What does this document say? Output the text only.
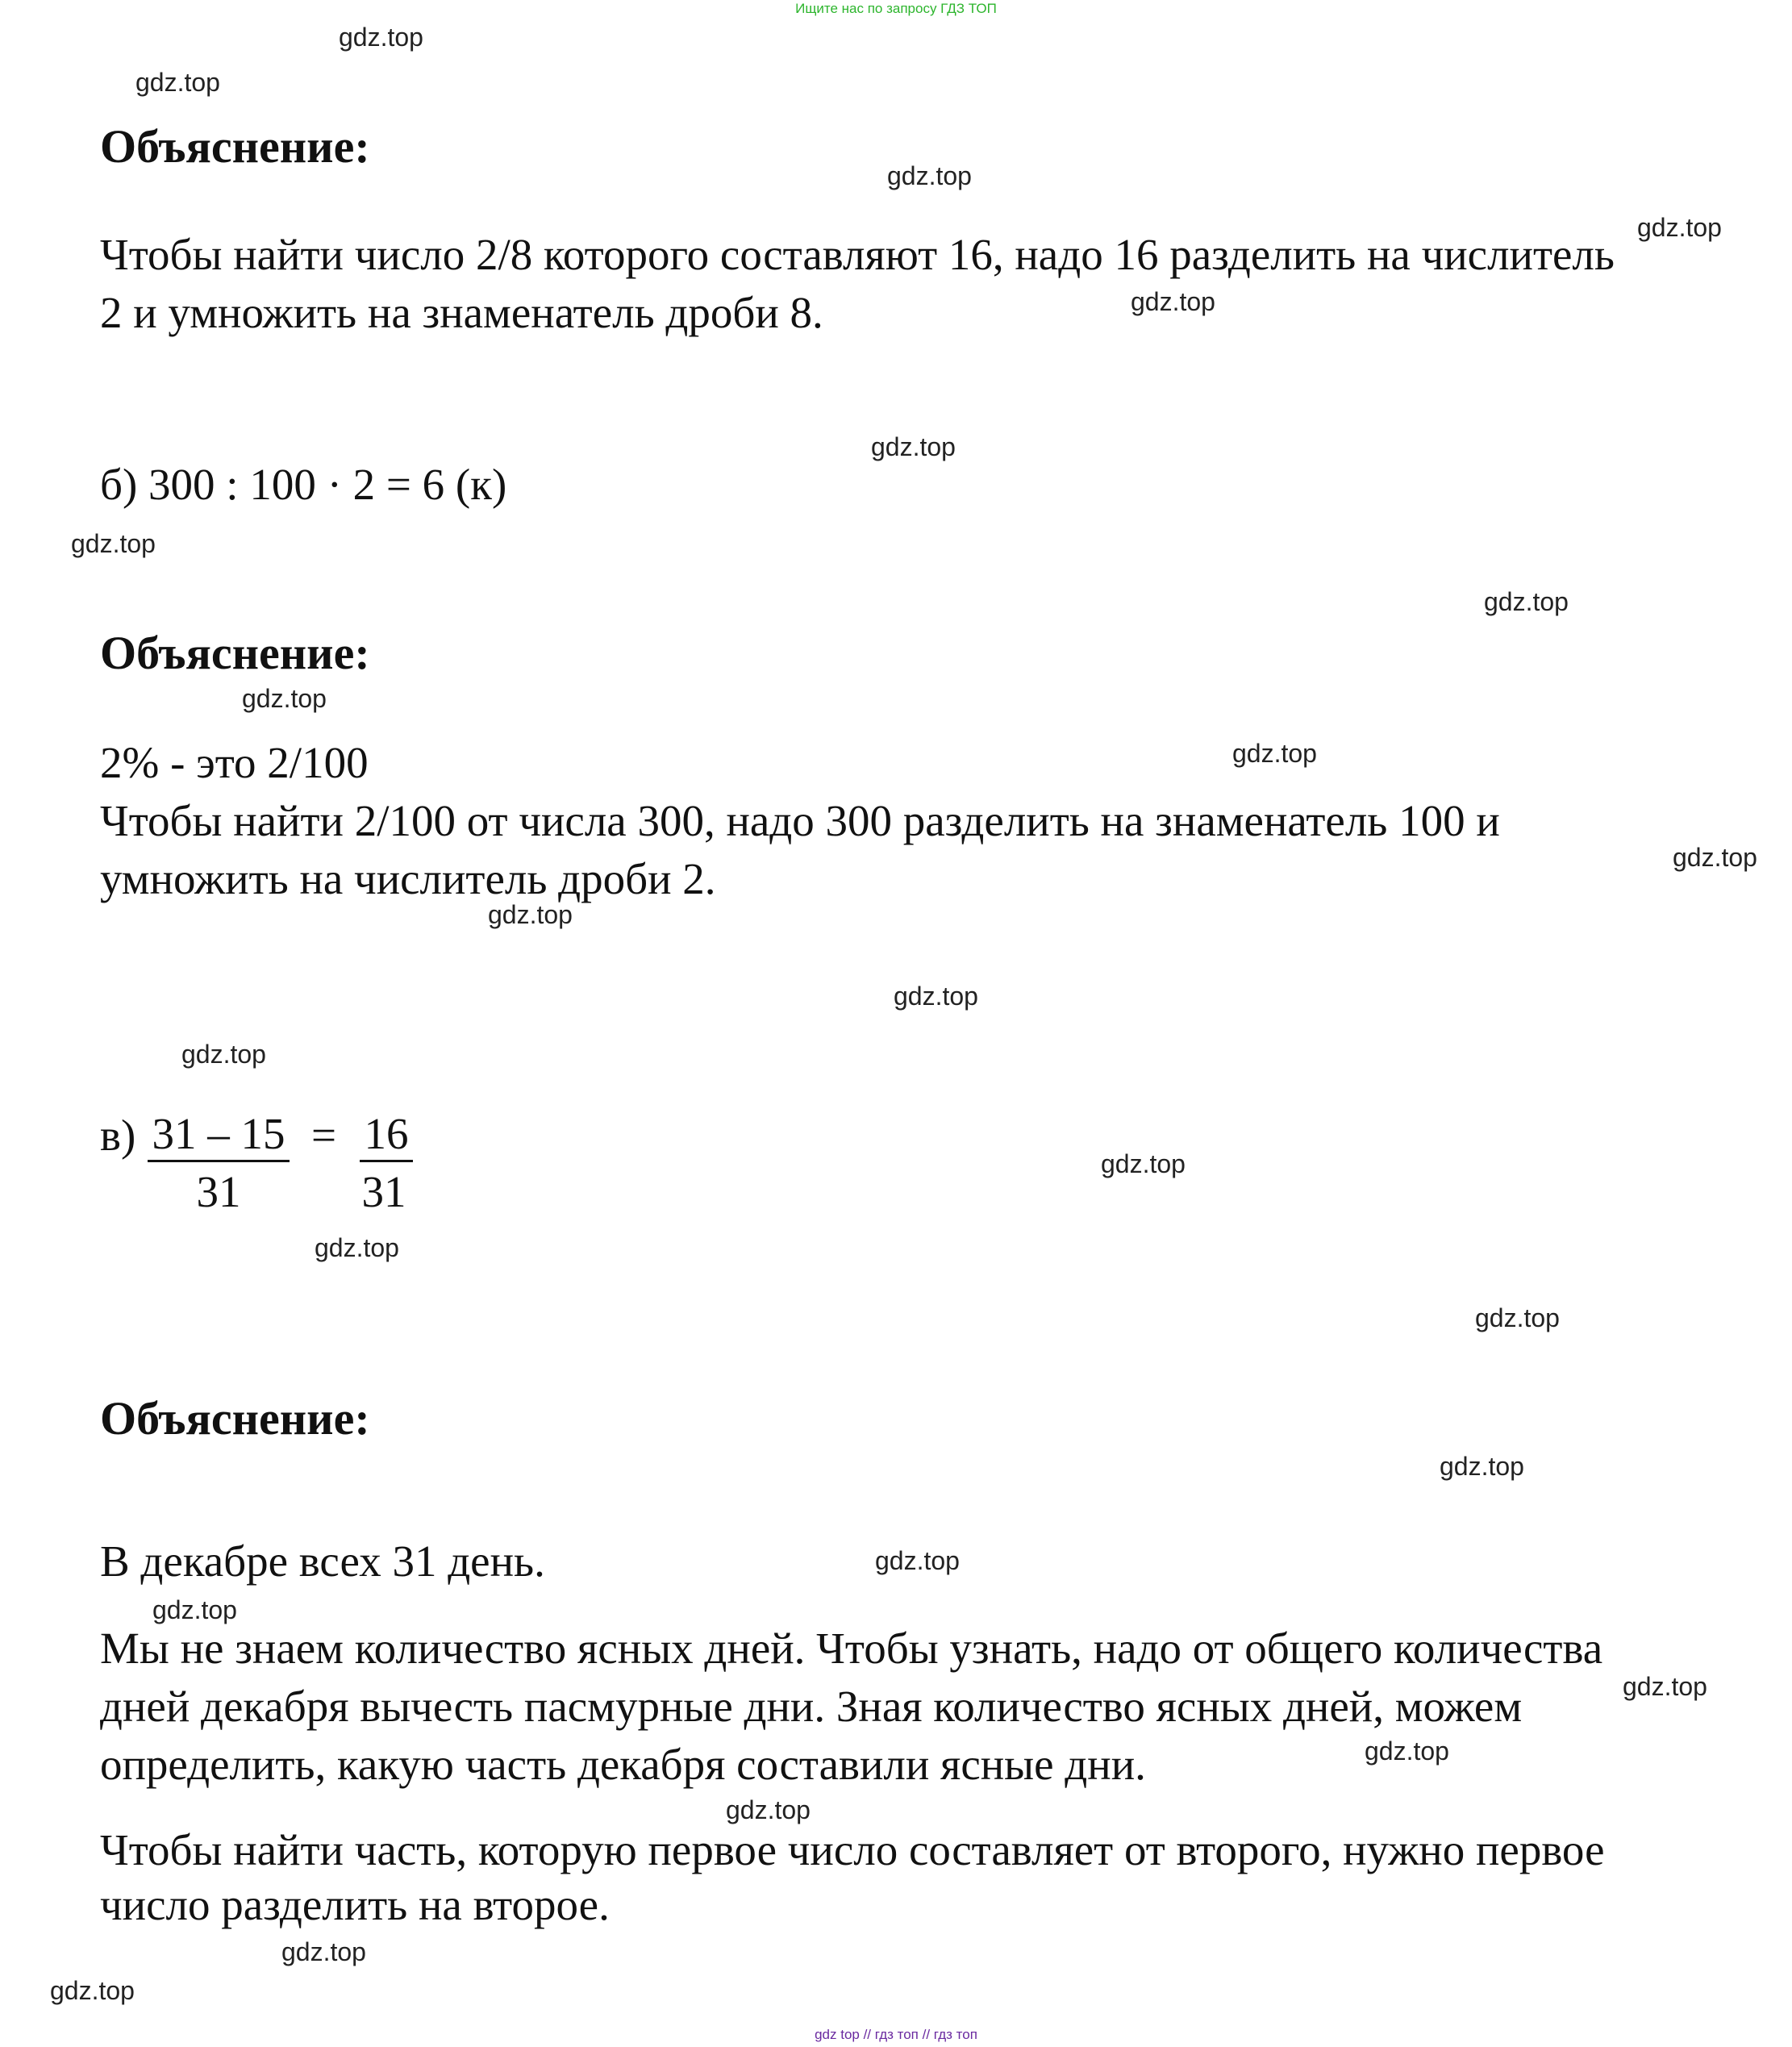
Ищите нас по запросу ГДЗ ТОП
Объяснение:
Чтобы найти число 2/8 которого составляют 16, надо 16 разделить на числитель
2 и умножить на знаменатель дроби 8.
б) 300 : 100 · 2 = 6 (к)
Объяснение:
2% - это 2/100
Чтобы найти 2/100 от числа 300, надо 300 разделить на знаменатель 100 и
умножить на числитель дроби 2.
в) 31 – 15
31
= 16
31
Объяснение:
В декабре всех 31 день.
Мы не знаем количество ясных дней. Чтобы узнать, надо от общего количества
дней декабря вычесть пасмурные дни. Зная количество ясных дней, можем
определить, какую часть декабря составили ясные дни.
Чтобы найти часть, которую первое число составляет от второго, нужно первое
число разделить на второе.
gdz.top
gdz.top
gdz.top
gdz.top
gdz.top
gdz.top
gdz.top
gdz.top
gdz.top
gdz.top
gdz.top
gdz.top
gdz.top
gdz.top
gdz.top
gdz.top
gdz.top
gdz.top
gdz.top
gdz.top
gdz.top
gdz.top
gdz.top
gdz.top
gdz.top
gdz top // гдз топ // гдз топ
